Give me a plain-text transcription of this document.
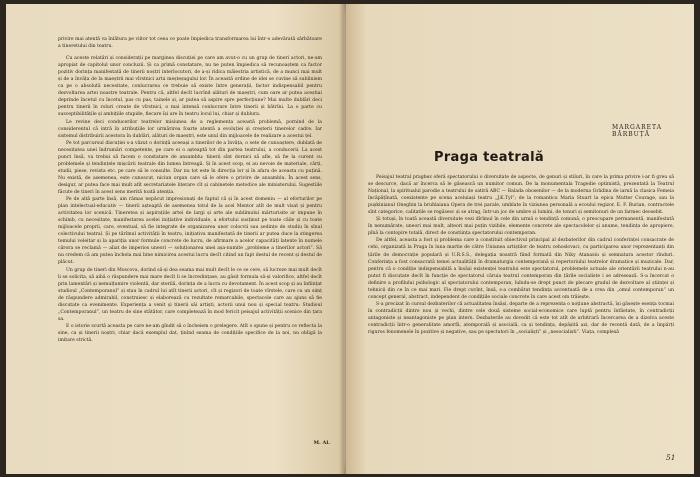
privire mai atentă va înlătura pe viitor tot ceea ce poate împiedica transformarea lui într-o adevărată sărbătoare a tineretului din teatru.

Cu aceste relatări și considerații pe marginea discuției pe care am avut-o cu un grup de tineri actori, ne-am apropiat de capitolul unor concluzii. Și ca primă constatare, nu ne puten împiedica să recunoaștem ca factor pozitiv dorința manifestată de tinerii noștri interlocutori, de a-și ridica măiestria artistică, de a munci mai mult și de a învăța de la maeștrii mai vîrstnici arta meșteșugului lor. În această ordine de idei se cuvine să subliniem ca pe o absolută necesitate, conlucrarea ce trebuie să existe între generații, factor indispensabil pentru dezvoltarea artei noastre teatrale. Pentru că, altfel decît lucrînd alături de maeștri, cum oare ar putea aceștiai deprinde încetul cu încetul, pas cu pas, tainele și, ar putea să aspire spre perfecțiune? Mai multe dublări deci pentru tinerii în roluri create de vîrstnici, o mai intensă conlucrare între tinerii și bătrîni. La o parte cu susceptibilitățile și ambițiile stupide, fiecare își are în teatru locul lui, chiar și dublura.

Le revine deci conducerilor teatrelor misiunea de a reglementa această problemă, pornind de la considerentul că intră în atribuțiile lor urmărirea foarte atentă a evoluției și creșterii tinerelor cadre. Iar sistemul distribuirii acestora în dublări, alături de maeștri, este unul din mijloacele de realizare a acestui țel.

Pe tot parcursul discuției s-a văzut o dorință aceeași a tinerilor de a învăța, o sete de cunoaștere, dublată de necesitatea unei îndrumări competente, pe care ei o așteaptă tot din partea teatrului, a conducerii. La acest punct însă, va trebui să facem o constatare de ansamblu: tinerii sînt dornici să afle, să fie la curent cu problemele și tendințele mișcării teatrale din lumea întreagă. Și în acest scop, ei au nevoie de materiale, cărți, studii, piese, revista etc. pe care să le consulte. Dar nu tot este în direcția lor și în afara de aceasta cu puțină. Nu există, de asemenea, este cunoscut, niciun organ care să le ofere o privire de ansamblu. În acest sens, desigur, ar putea face mai mult atît secretariatele literare cît și cabinetele metodice ale ministerului. Sugestiile făcute de tineri în acest sens merită toată atenția.

Pe de altă parte însă, am rămas nepăcut impresionați de faptul că și în acest domeniu — al eforturilor pe plan intelectual-educativ — tinerii așteaptă de asemenea totul de la acel Mentor atît de mult visat și pentru activitatea lor scenică. Tineretea și aspirațiile artei de largi și arte ale sublimului mărturisite ar impune în schimb, cu necesitate, manifestarea acelei inițiative individuale, a efortului susținut pe toate căile și cu toate mijloacele proprii, care, eventual, să fie integrate de organizarea unor colocvii sau ședințe de studiu în sînul colectivului teatral. Și pe tărîmul activității în teatru, inițiativa manifestată de tinerii ar putea duce la stingerea temului veleitar și la apariția unor formule concrete de lucru, de afirmare a acelor capacități latente în numele cărora se reclamă — aliat de imperios uneori — soluționarea unei așa-numite „probleme a tinerilor actori”. Să nu credem că am putea închela mai bine nimicirea acestui lucru decît citind un fapt destul de recent și destul de plăcut.

Un grup de tineri din Moscova, dorind să-și dea seama mai mult decît le ce se cere, să lucreze mai mult decît li se solicita, să aibă o răspundere mai mare decît li se încredințase, au găsit formula să-și valorifice, altfel decît prin lamentări și nemulțumire violentă, dar sterilă, dorința de a lucra cu devotament. În acest scop și au înființat studioul „Contemporanul” și stau în cadrul lui atît tinerii actori, cît și regizori de toate vîrstele, care cu un simț de răspundere admirabil, construiesc și elaborează cu rezultate remarcabile, spectacole care au ajuns să fie discutate ca evenimente. Experiența a venit și tinerii săi artiști, actorii unui nou și special teatru: Studioul „Contemporanul”, un teatru de sine stătător, care completează în mod fericit peisajul activității scenice din țara sa.

E o istorie scurtă aceasta pe care ne-am gîndit să o încheiem o prelegere. Atît o spune și pentru ce reflecta la sine, ca și tinerii noștri, chiar dacă exemplul dat, ținînd seama de condițiile specifice de la noi, nu obligă la imitare strictă.

M. Al.
MARGARETA BĂRBUȚĂ
Praga teatrală

Peisajul teatral praghez oferă spectatorului o diversitate de aspecte, de genuri și stiluri, în care la prima privire i-ar fi greu să se descurce, dacă ar încerca să le găsească un numitor comun. De la monumentala Tragedie optimistă, prezentată la Teatrul Național, la spiritualul parodie a teatrului de satiră ABC — Balada obosenilor — de la moderna Grădina de iarnă la clasica Femeia încăpățînată, coexistente pe scena aceluiași teatru „J.K.Tyl”; de la romantica Maria Stuart la epica Mutter Courage, sau la pușkinianul Oneghin la bruhlaiana Opera de trei parale, umblate în viziunea personală a ecoului regizor, E. F. Burian, contractele sînt categorice, calitatile se regăsesc și se atrag, într-un joc de umbre și lumini, de tonuri și semitonuri de un farmec deosebit.

Și totuși, în toată această diversitate vezi dîrîmul în cele din urmă o tendință comună, o preocupare permanentă, manifestată în nenumărate, uneori mai mult, alteori mai puțin vizibile, elemente concrete ale spectacolelor și anume, tendința de apropiere, pînă la contopire totală, direct de constiința spectatorului contemporan.

De altfel, aceasta a fost și problema care a constituit obiectivul principal al dezbaterilor din cadrul conferinței consacrate de cehi, organizată la Praga în luna martie de către Uniunea artiștilor de teatru cehoslovaci, cu participarea unor reprezentanți din țările de democrație populară și U.R.S.S., delegația noastră fiind formată din Niky Atanasiu și semnatara acestor rînduri. Conferința a fost consacrată temei actualității în dramaturgia contemporană și repertoriului teatrelor dramatice și muzicale. Dar, pentru că o condiție indispensabilă a însăși existenței teatrului este spectatorul, problemele actuale ale orientării teatrului n-au putut fi discutate decît în funcție de spectatorul căruia teatrul contemporan din țările socialiste i se adresează. S-a încercat o definire a profilului psihologic al spectatorului contemporan, luîndu-se drept punct de plecare gradul de dezvoltare al științei și tehnicii din ce în ce mai mari. Fie drept cuvînt, însă, s-a combătut tendința accentuată de a crea din „omul contemporan” un concept general, abstract, independent de condițiile sociale concrete în care acest om trăiește.

S-a precizat în cursul dezbaterilor că actualitatea însăși, departe de a reprezenta o noțiune abstractă, își găsește esența tocmai în contradicții dintre nou și vechi, dintre cele două sisteme social-economice care luptă pentru întîietate, în contradicții antagoniste și neantagoniste pe plan intern. Dezbaterile au dovedit că este tot atît de arbitrară încercarea de a dizolva aceste contradicții într-o generalitate amorfă, atemporală și asocială, ca și tendința, depășită azi, dar de recentă dată, de a împărți riguros fenomenele în pozitive și negative, sau pe spectatori în „socialiști” și „nesocialiști”. Viața, complexă

51
